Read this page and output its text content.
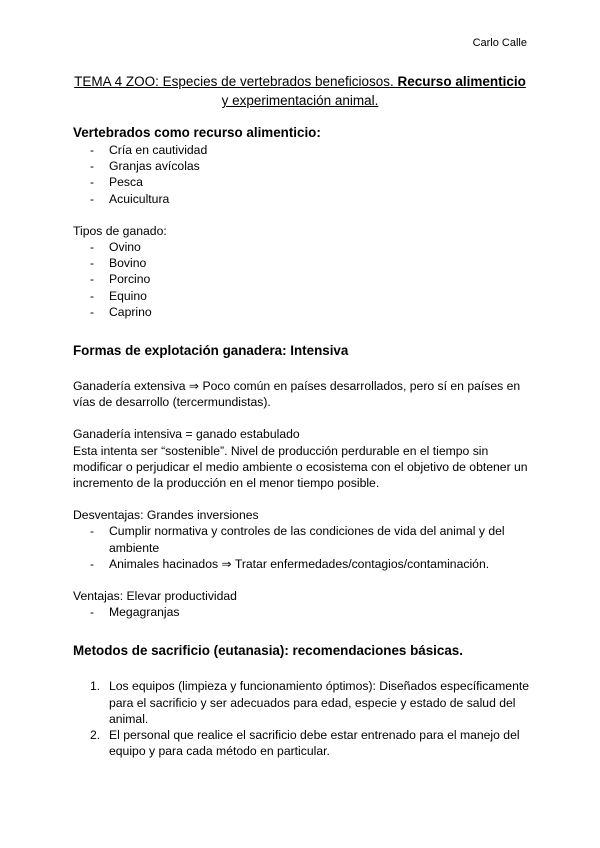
Carlo Calle
TEMA 4 ZOO: Especies de vertebrados beneficiosos. Recurso alimenticio y experimentación animal.
Vertebrados como recurso alimenticio:
- Cría en cautividad
- Granjas avícolas
- Pesca
- Acuicultura

Tipos de ganado:

- Ovino
- Bovino
- Porcino
- Equino
- Caprino
Formas de explotación ganadera: Intensiva

Ganadería extensiva ⇒ Poco común en países desarrollados, pero sí en países en vías de desarrollo (tercermundistas).

Ganadería intensiva = ganado estabulado

Esta intenta ser “sostenible”. Nivel de producción perdurable en el tiempo sin modificar o perjudicar el medio ambiente o ecosistema con el objetivo de obtener un incremento de la producción en el menor tiempo posible.

Desventajas: Grandes inversiones

- Cumplir normativa y controles de las condiciones de vida del animal y del ambiente
- Animales hacinados ⇒ Tratar enfermedades/contagios/contaminación.

Ventajas: Elevar productividad

- Megagranjas
Metodos de sacrificio (eutanasia): recomendaciones básicas.
1. Los equipos (limpieza y funcionamiento óptimos): Diseñados específicamente para el sacrificio y ser adecuados para edad, especie y estado de salud del animal.
2. El personal que realice el sacrificio debe estar entrenado para el manejo del equipo y para cada método en particular.
